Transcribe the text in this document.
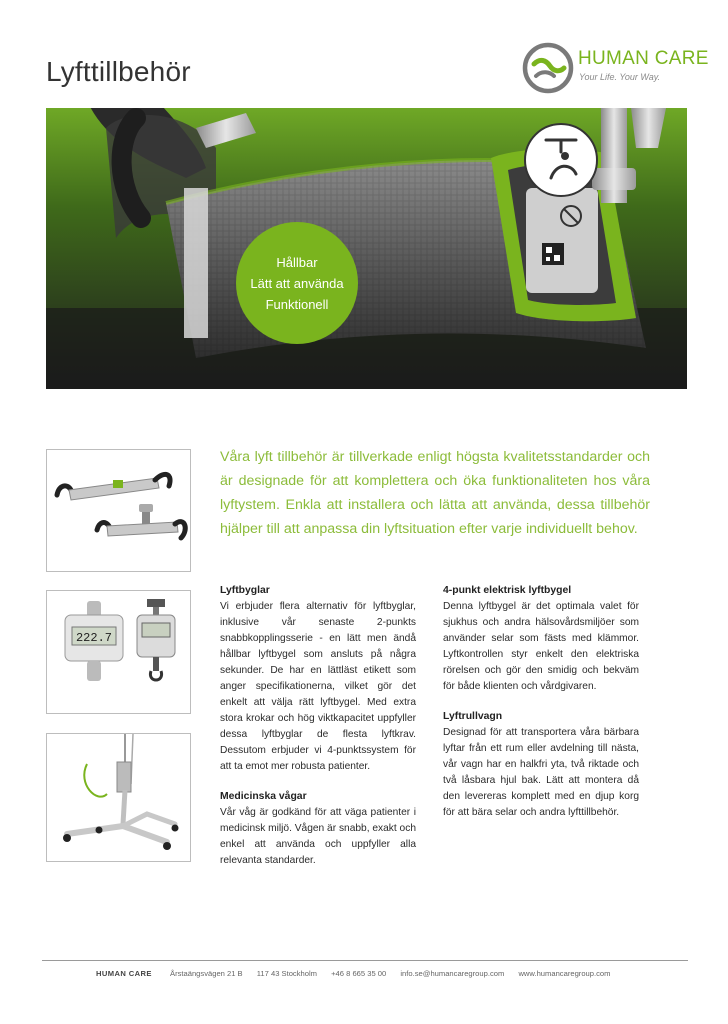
Lyfttillbehör	HUMAN CARE
Your Life. Your Way.
Hållbar
Lätt att använda
Funktionell

Våra lyft tillbehör är tillverkade enligt högsta kvalitetsstandarder och är designade för att komplettera och öka funktionaliteten hos våra lyftystem. Enkla att installera och lätta att använda, dessa tillbehör hjälper till att anpassa din lyftsituation efter varje individuellt behov.

222.7
Lyftbyglar

Vi erbjuder flera alternativ för lyftbyglar, inklusive vår senaste 2-punkts snabbkopplingsserie - en lätt men ändå hållbar lyftbygel som ansluts på några sekunder. De har en lättläst etikett som anger specifikationerna, vilket gör det enkelt att välja rätt lyftbygel. Med extra stora krokar och hög viktkapacitet uppfyller dessa lyftbyglar de flesta lyftkrav. Dessutom erbjuder vi 4-punktssystem för att ta emot mer robusta patienter.

Medicinska vågar

Vår våg är godkänd för att väga patienter i medicinsk miljö. Vågen är snabb, exakt och enkel att använda och uppfyller alla relevanta standarder.

4-punkt elektrisk lyftbygel

Denna lyftbygel är det optimala valet för sjukhus och andra hälsovårdsmiljöer som använder selar som fästs med klämmor. Lyftkontrollen styr enkelt den elektriska rörelsen och gör den smidig och bekväm för både klienten och vårdgivaren.

Lyftrullvagn

Designad för att transportera våra bärbara lyftar från ett rum eller avdelning till nästa, vår vagn har en halkfri yta, två riktade och två låsbara hjul bak. Lätt att montera då den levereras komplett med en djup korg för att bära selar och andra lyfttillbehör.

HUMAN CARE Årstaängsvägen 21 B 117 43 Stockholm +46 8 665 35 00 info.se@humancaregroup.com www.humancaregroup.com
